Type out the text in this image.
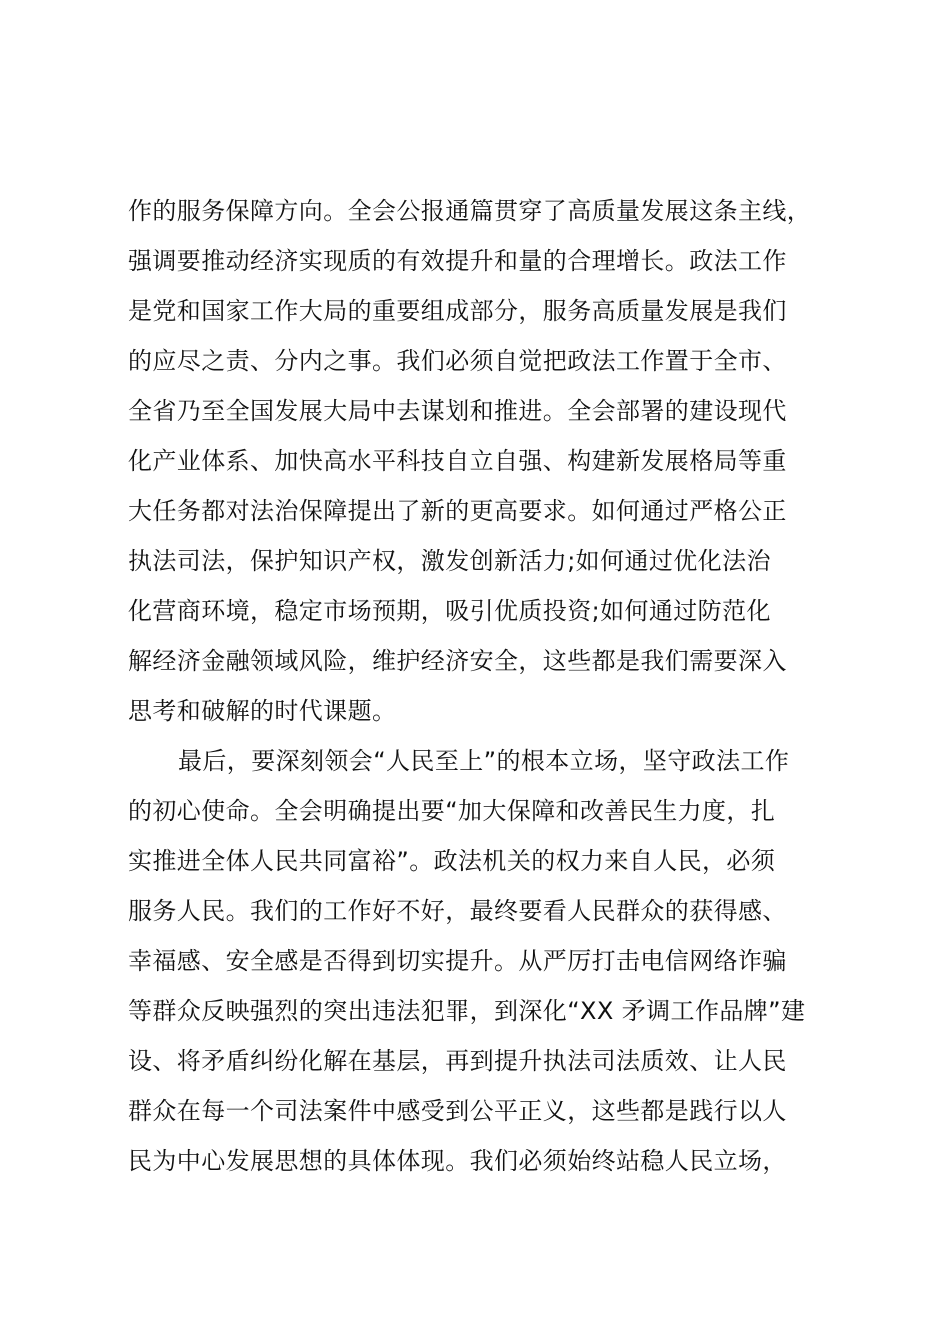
作的服务保障方向。全会公报通篇贯穿了高质量发展这条主线，
强调要推动经济实现质的有效提升和量的合理增长。政法工作
是党和国家工作大局的重要组成部分，服务高质量发展是我们
的应尽之责、分内之事。我们必须自觉把政法工作置于全市、
全省乃至全国发展大局中去谋划和推进。全会部署的建设现代
化产业体系、加快高水平科技自立自强、构建新发展格局等重
大任务都对法治保障提出了新的更高要求。如何通过严格公正
执法司法，保护知识产权，激发创新活力;如何通过优化法治
化营商环境，稳定市场预期，吸引优质投资;如何通过防范化
解经济金融领域风险，维护经济安全，这些都是我们需要深入
思考和破解的时代课题。
最后，要深刻领会“人民至上”的根本立场，坚守政法工作
的初心使命。全会明确提出要“加大保障和改善民生力度，扎
实推进全体人民共同富裕”。政法机关的权力来自人民，必须
服务人民。我们的工作好不好，最终要看人民群众的获得感、
幸福感、安全感是否得到切实提升。从严厉打击电信网络诈骗
等群众反映强烈的突出违法犯罪，到深化“XX 矛调工作品牌”建
设、将矛盾纠纷化解在基层，再到提升执法司法质效、让人民
群众在每一个司法案件中感受到公平正义，这些都是践行以人
民为中心发展思想的具体体现。我们必须始终站稳人民立场，
